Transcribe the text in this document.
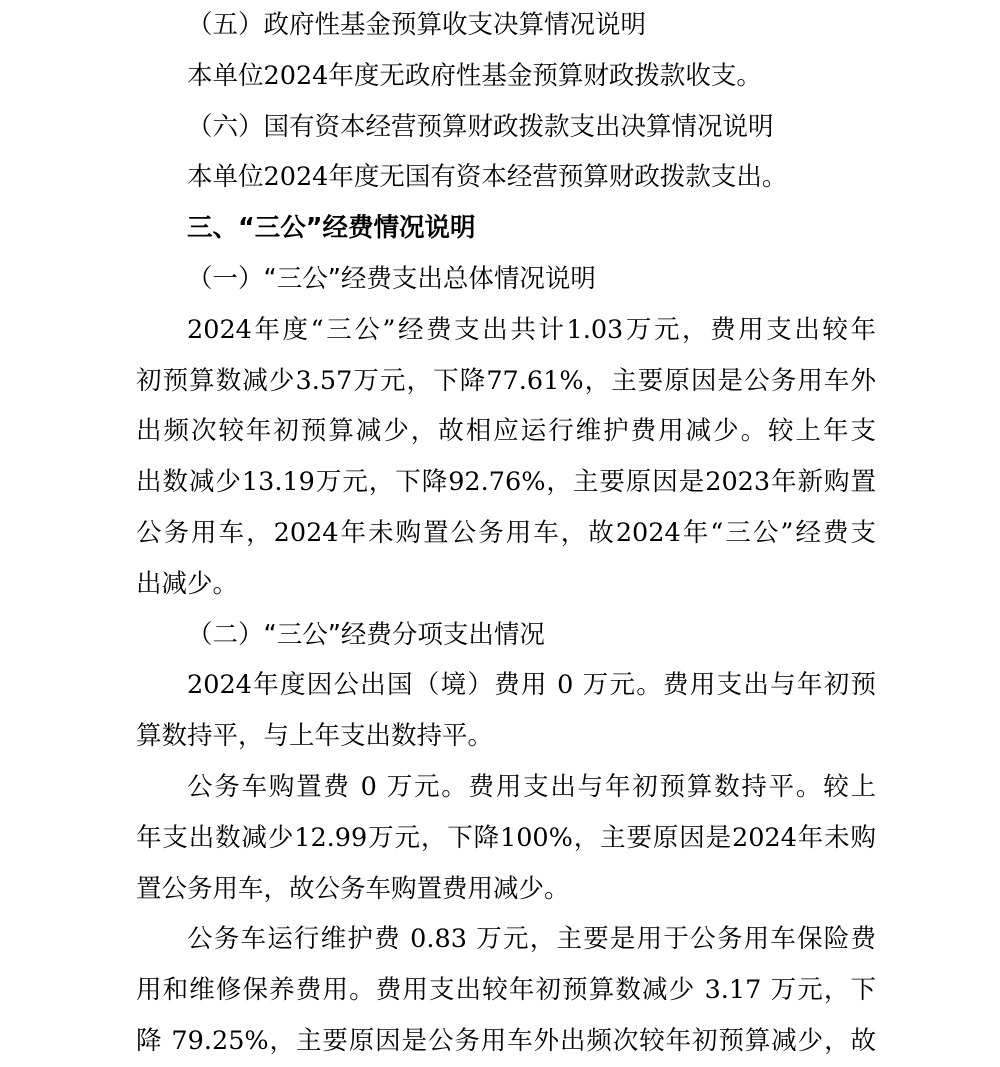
（五）政府性基金预算收支决算情况说明
本单位2024年度无政府性基金预算财政拨款收支。
（六）国有资本经营预算财政拨款支出决算情况说明
本单位2024年度无国有资本经营预算财政拨款支出。
三、“三公”经费情况说明
（一）“三公”经费支出总体情况说明
2024年度“三公”经费支出共计1.03万元，费用支出较年
初预算数减少3.57万元，下降77.61%，主要原因是公务用车外
出频次较年初预算减少，故相应运行维护费用减少。较上年支
出数减少13.19万元，下降92.76%，主要原因是2023年新购置
公务用车，2024年未购置公务用车，故2024年“三公”经费支
出减少。
（二）“三公”经费分项支出情况
2024年度因公出国（境）费用 0 万元。费用支出与年初预
算数持平，与上年支出数持平。
公务车购置费 0 万元。费用支出与年初预算数持平。较上
年支出数减少12.99万元，下降100%，主要原因是2024年未购
置公务用车，故公务车购置费用减少。
公务车运行维护费 0.83 万元，主要是用于公务用车保险费
用和维修保养费用。费用支出较年初预算数减少 3.17 万元，下
降 79.25%，主要原因是公务用车外出频次较年初预算减少，故
